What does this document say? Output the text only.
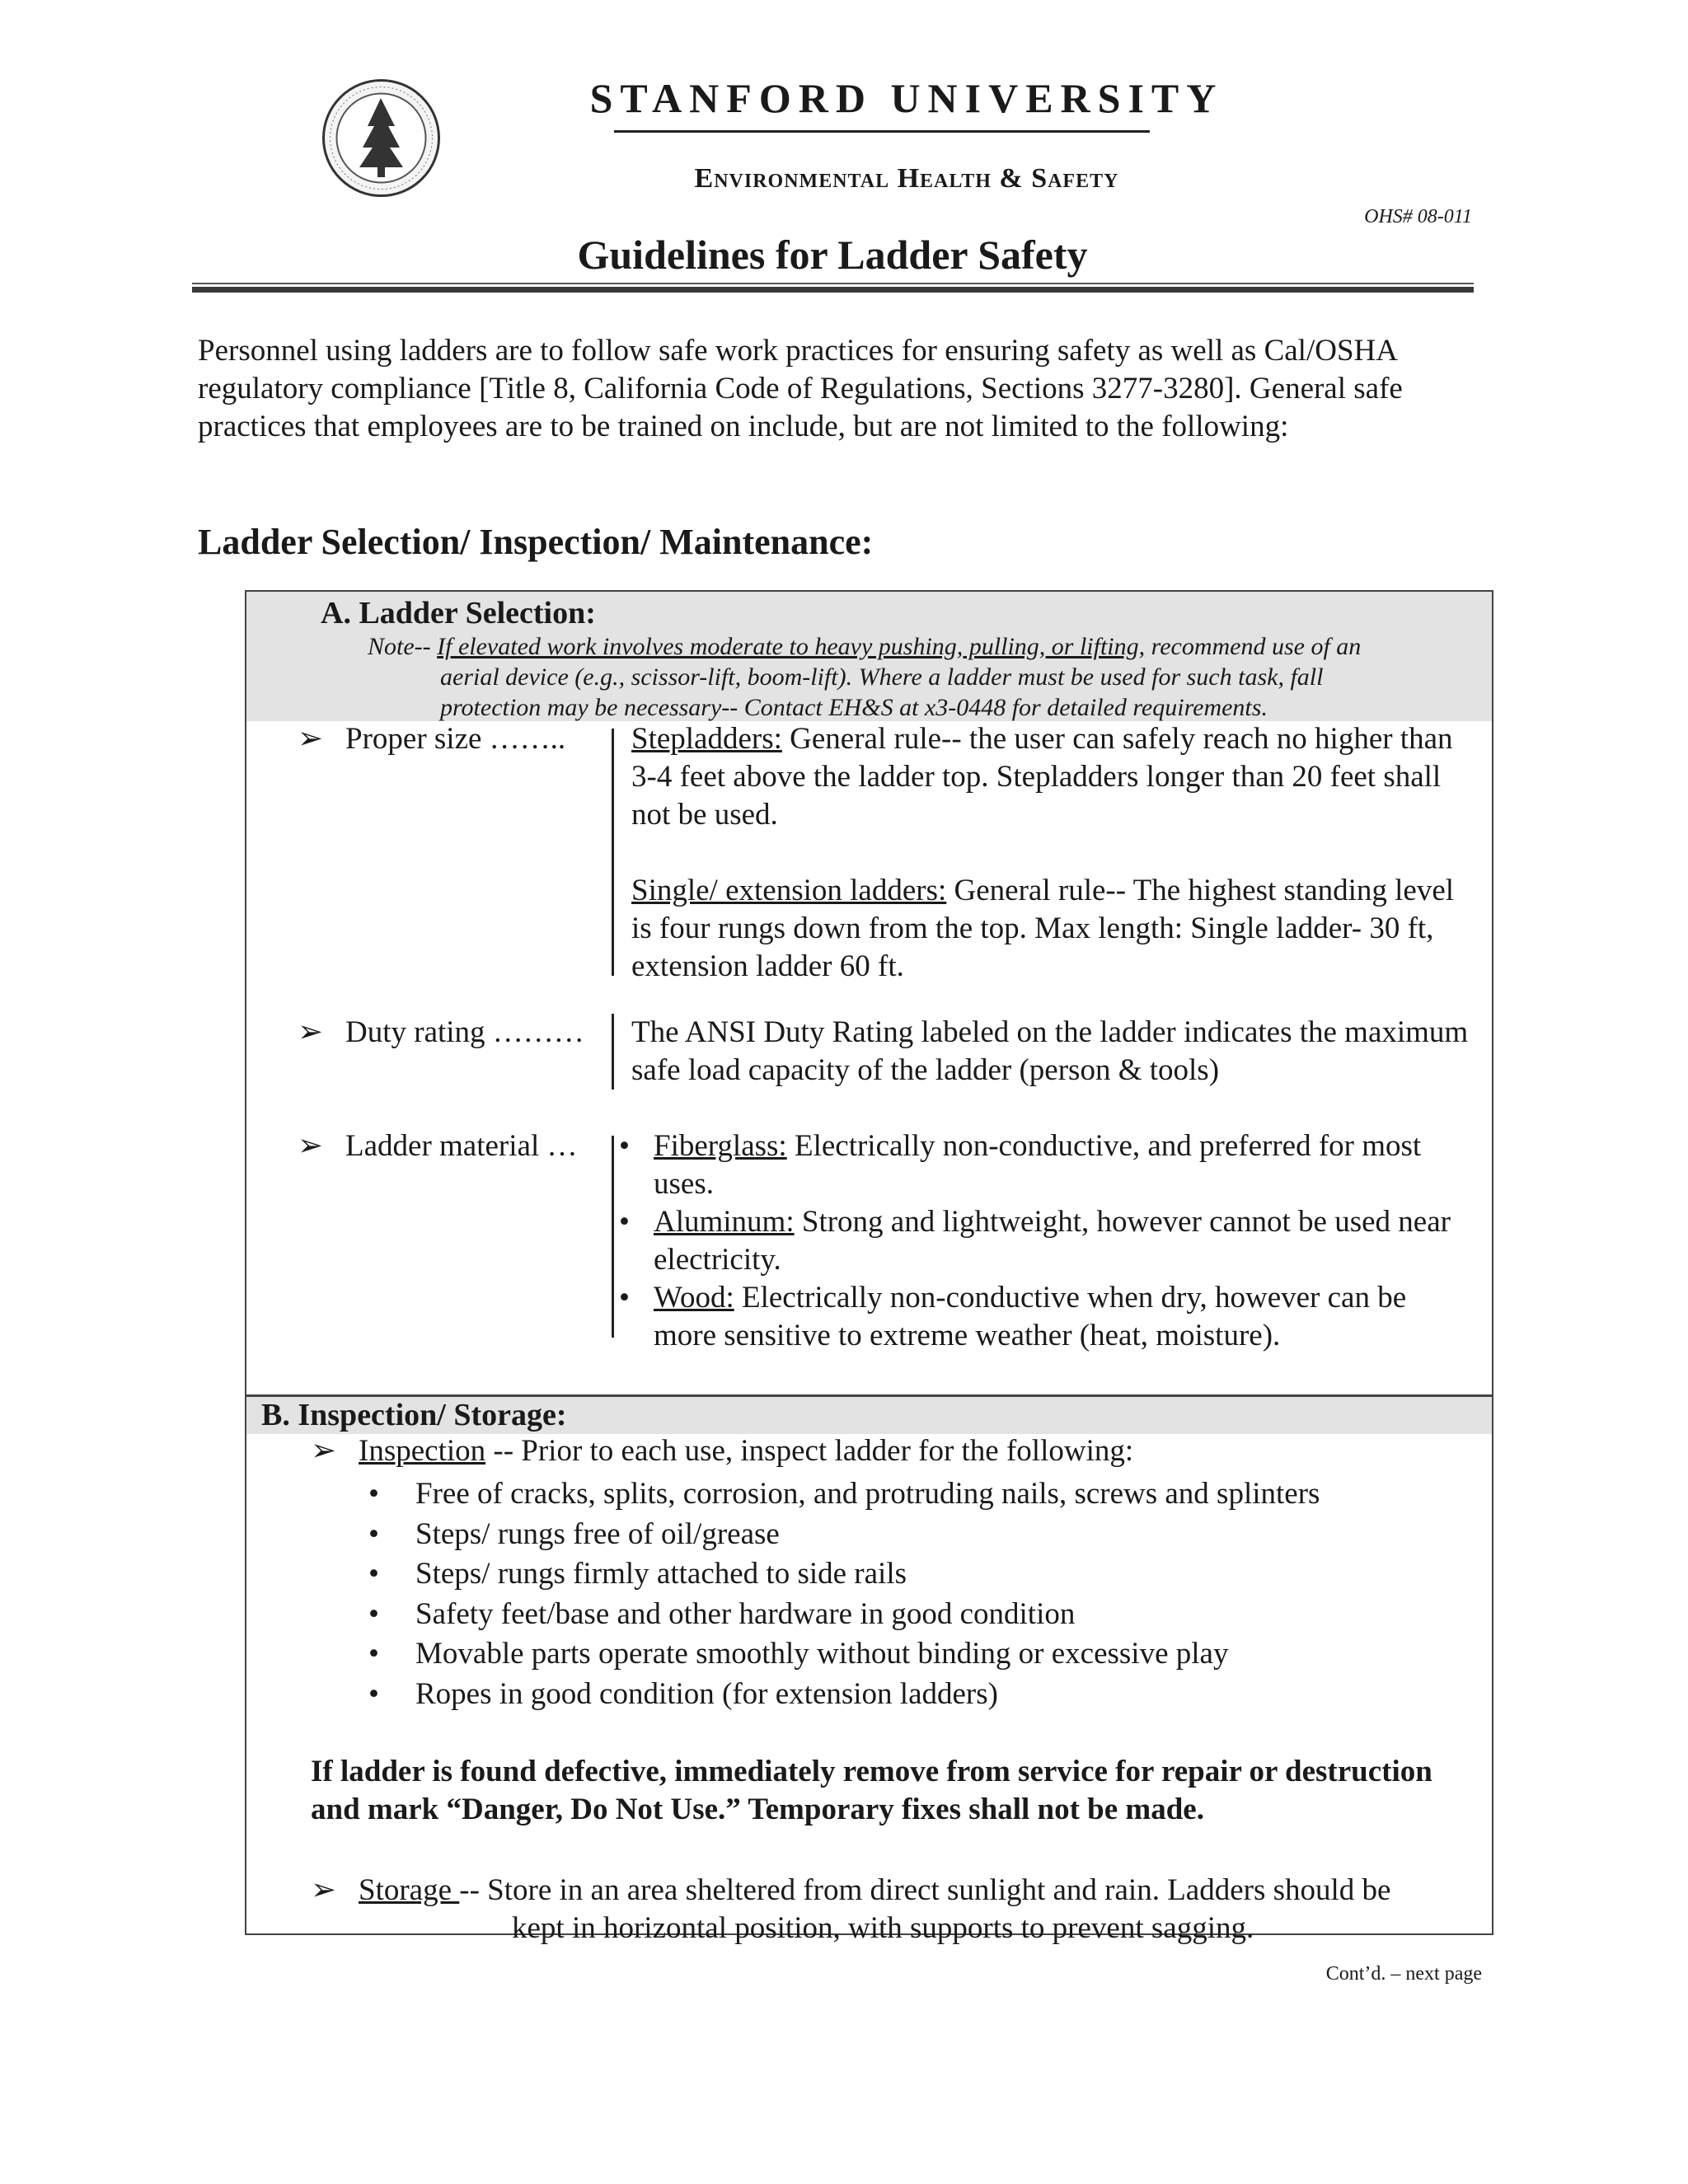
STANFORD UNIVERSITY
Environmental Health & Safety
OHS# 08-011
Guidelines for Ladder Safety
Personnel using ladders are to follow safe work practices for ensuring safety as well as Cal/OSHA regulatory compliance [Title 8, California Code of Regulations, Sections 3277-3280]. General safe practices that employees are to be trained on include, but are not limited to the following:
Ladder Selection/ Inspection/ Maintenance:
A. Ladder Selection:
Note-- If elevated work involves moderate to heavy pushing, pulling, or lifting, recommend use of an
aerial device (e.g., scissor-lift, boom-lift). Where a ladder must be used for such task, fall
protection may be necessary-- Contact EH&S at x3-0448 for detailed requirements.
➢ Proper size …….. Stepladders: General rule-- the user can safely reach no higher than 3-4 feet above the ladder top. Stepladders longer than 20 feet shall not be used.
Single/ extension ladders: General rule-- The highest standing level is four rungs down from the top. Max length: Single ladder- 30 ft, extension ladder 60 ft.
➢ Duty rating ……… The ANSI Duty Rating labeled on the ladder indicates the maximum safe load capacity of the ladder (person & tools)
➢ Ladder material … • Fiberglass: Electrically non-conductive, and preferred for most uses.
• Aluminum: Strong and lightweight, however cannot be used near electricity.
• Wood: Electrically non-conductive when dry, however can be more sensitive to extreme weather (heat, moisture).
B. Inspection/ Storage:
➢ Inspection -- Prior to each use, inspect ladder for the following:
• Free of cracks, splits, corrosion, and protruding nails, screws and splinters
• Steps/ rungs free of oil/grease
• Steps/ rungs firmly attached to side rails
• Safety feet/base and other hardware in good condition
• Movable parts operate smoothly without binding or excessive play
• Ropes in good condition (for extension ladders)
If ladder is found defective, immediately remove from service for repair or destruction and mark “Danger, Do Not Use.” Temporary fixes shall not be made.
➢ Storage -- Store in an area sheltered from direct sunlight and rain. Ladders should be
kept in horizontal position, with supports to prevent sagging.
Cont’d. – next page
